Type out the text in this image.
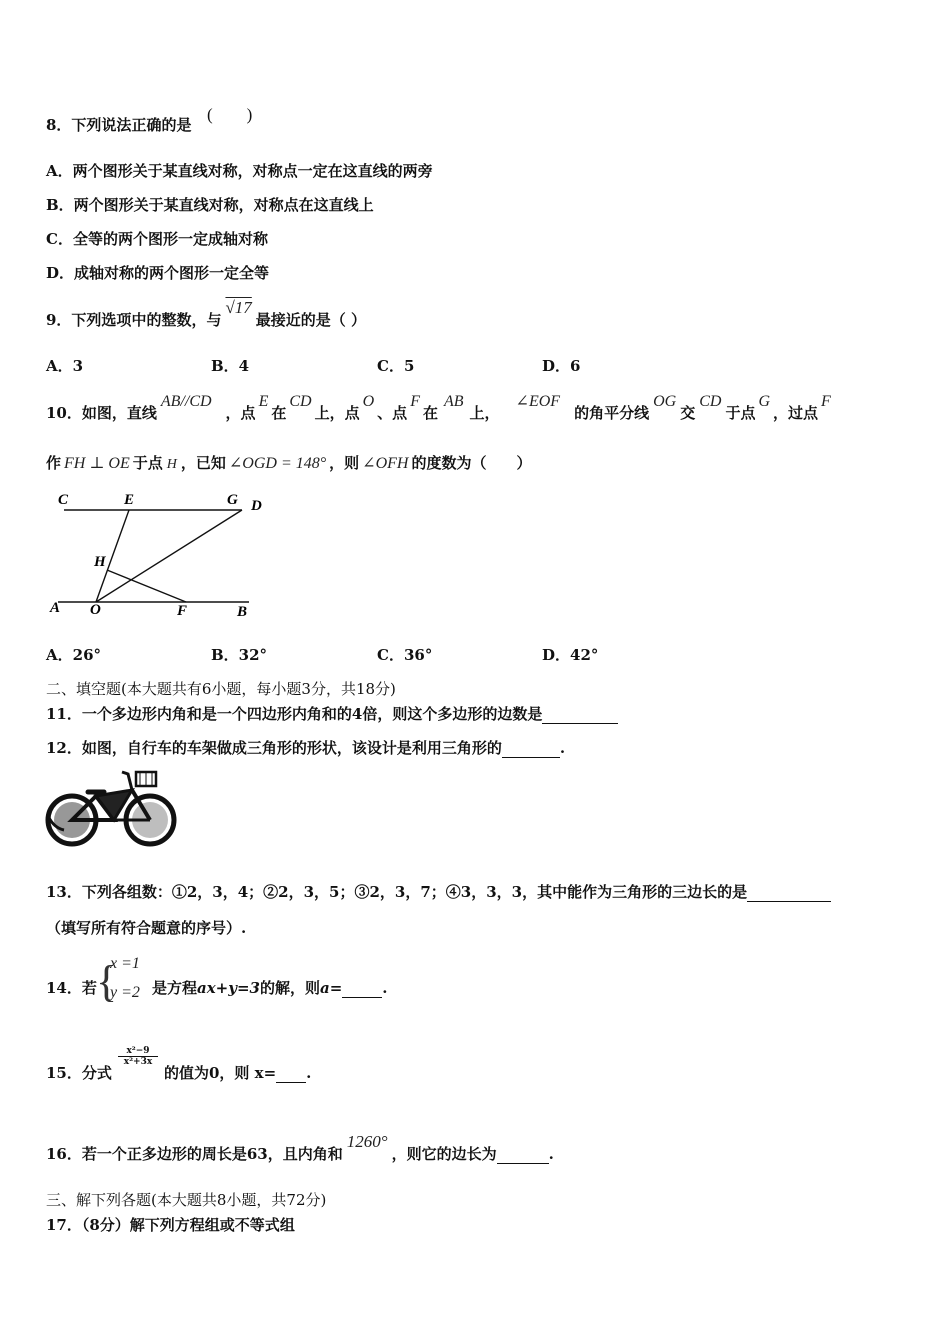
8．下列说法正确的是
(　　)
A．两个图形关于某直线对称，对称点一定在这直线的两旁
B．两个图形关于某直线对称，对称点在这直线上
C．全等的两个图形一定成轴对称
D．成轴对称的两个图形一定全等
9．下列选项中的整数，与√17最接近的是（ ）
A．3	B．4	C．5	D．6
10．如图，直线AB//CD，点E在CD上，点O、点F在AB上，∠EOF的角平分线OG交CD于点G，过点F
作 FH ⊥ OE 于点 H ，已知 ∠OGD = 148° ，则 ∠OFH 的度数为（　　）
C	E	G D
H
A O	F	B
A．26°	B．32°	C．36°	D．42°
二、填空题(本大题共有6小题，每小题3分，共18分)
11．一个多边形内角和是一个四边形内角和的4倍，则这个多边形的边数是
12．如图，自行车的车架做成三角形的形状，该设计是利用三角形的	.
13．下列各组数：①2，3，4；②2，3，5；③2，3，7；④3，3，3，其中能作为三角形的三边长的是
（填写所有符合题意的序号）.
{
x =1
y =2
14．若	是方程ax+y=3的解，则a=	.
15．分式
$\frac{\text{x²−9}}{\text{x²+3x}}$
的值为0，则 x= .
16．若一个正多边形的周长是63，且内角和1260°，则它的边长为	.
三、解下列各题(本大题共8小题，共72分)
17．（8分）解下列方程组或不等式组
